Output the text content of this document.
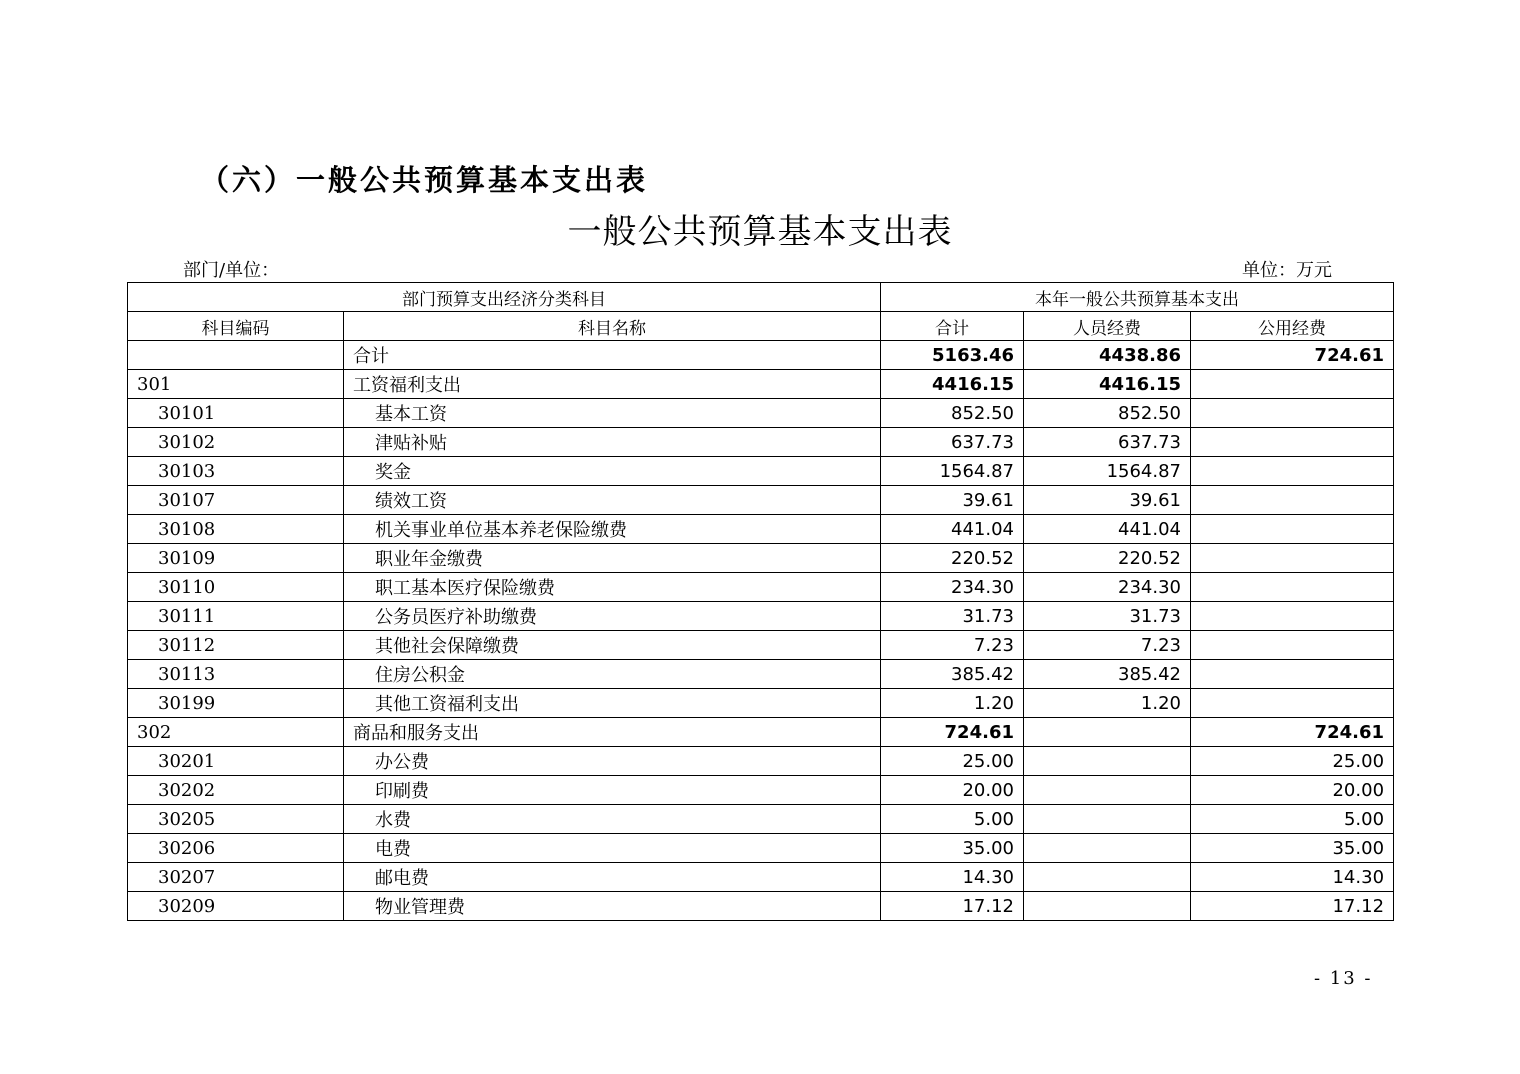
（六）一般公共预算基本支出表
一般公共预算基本支出表
部门/单位：	单位：万元
部门预算支出经济分类科目		本年一般公共预算基本支出		
科目编码	科目名称	合计	人员经费	公用经费
	合计	5163.46	4438.86	724.61
301	工资福利支出	4416.15	4416.15	
30101	基本工资	852.50	852.50	
30102	津贴补贴	637.73	637.73	
30103	奖金	1564.87	1564.87	
30107	绩效工资	39.61	39.61	
30108	机关事业单位基本养老保险缴费	441.04	441.04	
30109	职业年金缴费	220.52	220.52	
30110	职工基本医疗保险缴费	234.30	234.30	
30111	公务员医疗补助缴费	31.73	31.73	
30112	其他社会保障缴费	7.23	7.23	
30113	住房公积金	385.42	385.42	
30199	其他工资福利支出	1.20	1.20	
302	商品和服务支出	724.61		724.61
30201	办公费	25.00		25.00
30202	印刷费	20.00		20.00
30205	水费	5.00		5.00
30206	电费	35.00		35.00
30207	邮电费	14.30		14.30
30209	物业管理费	17.12		17.12
- 13 -
